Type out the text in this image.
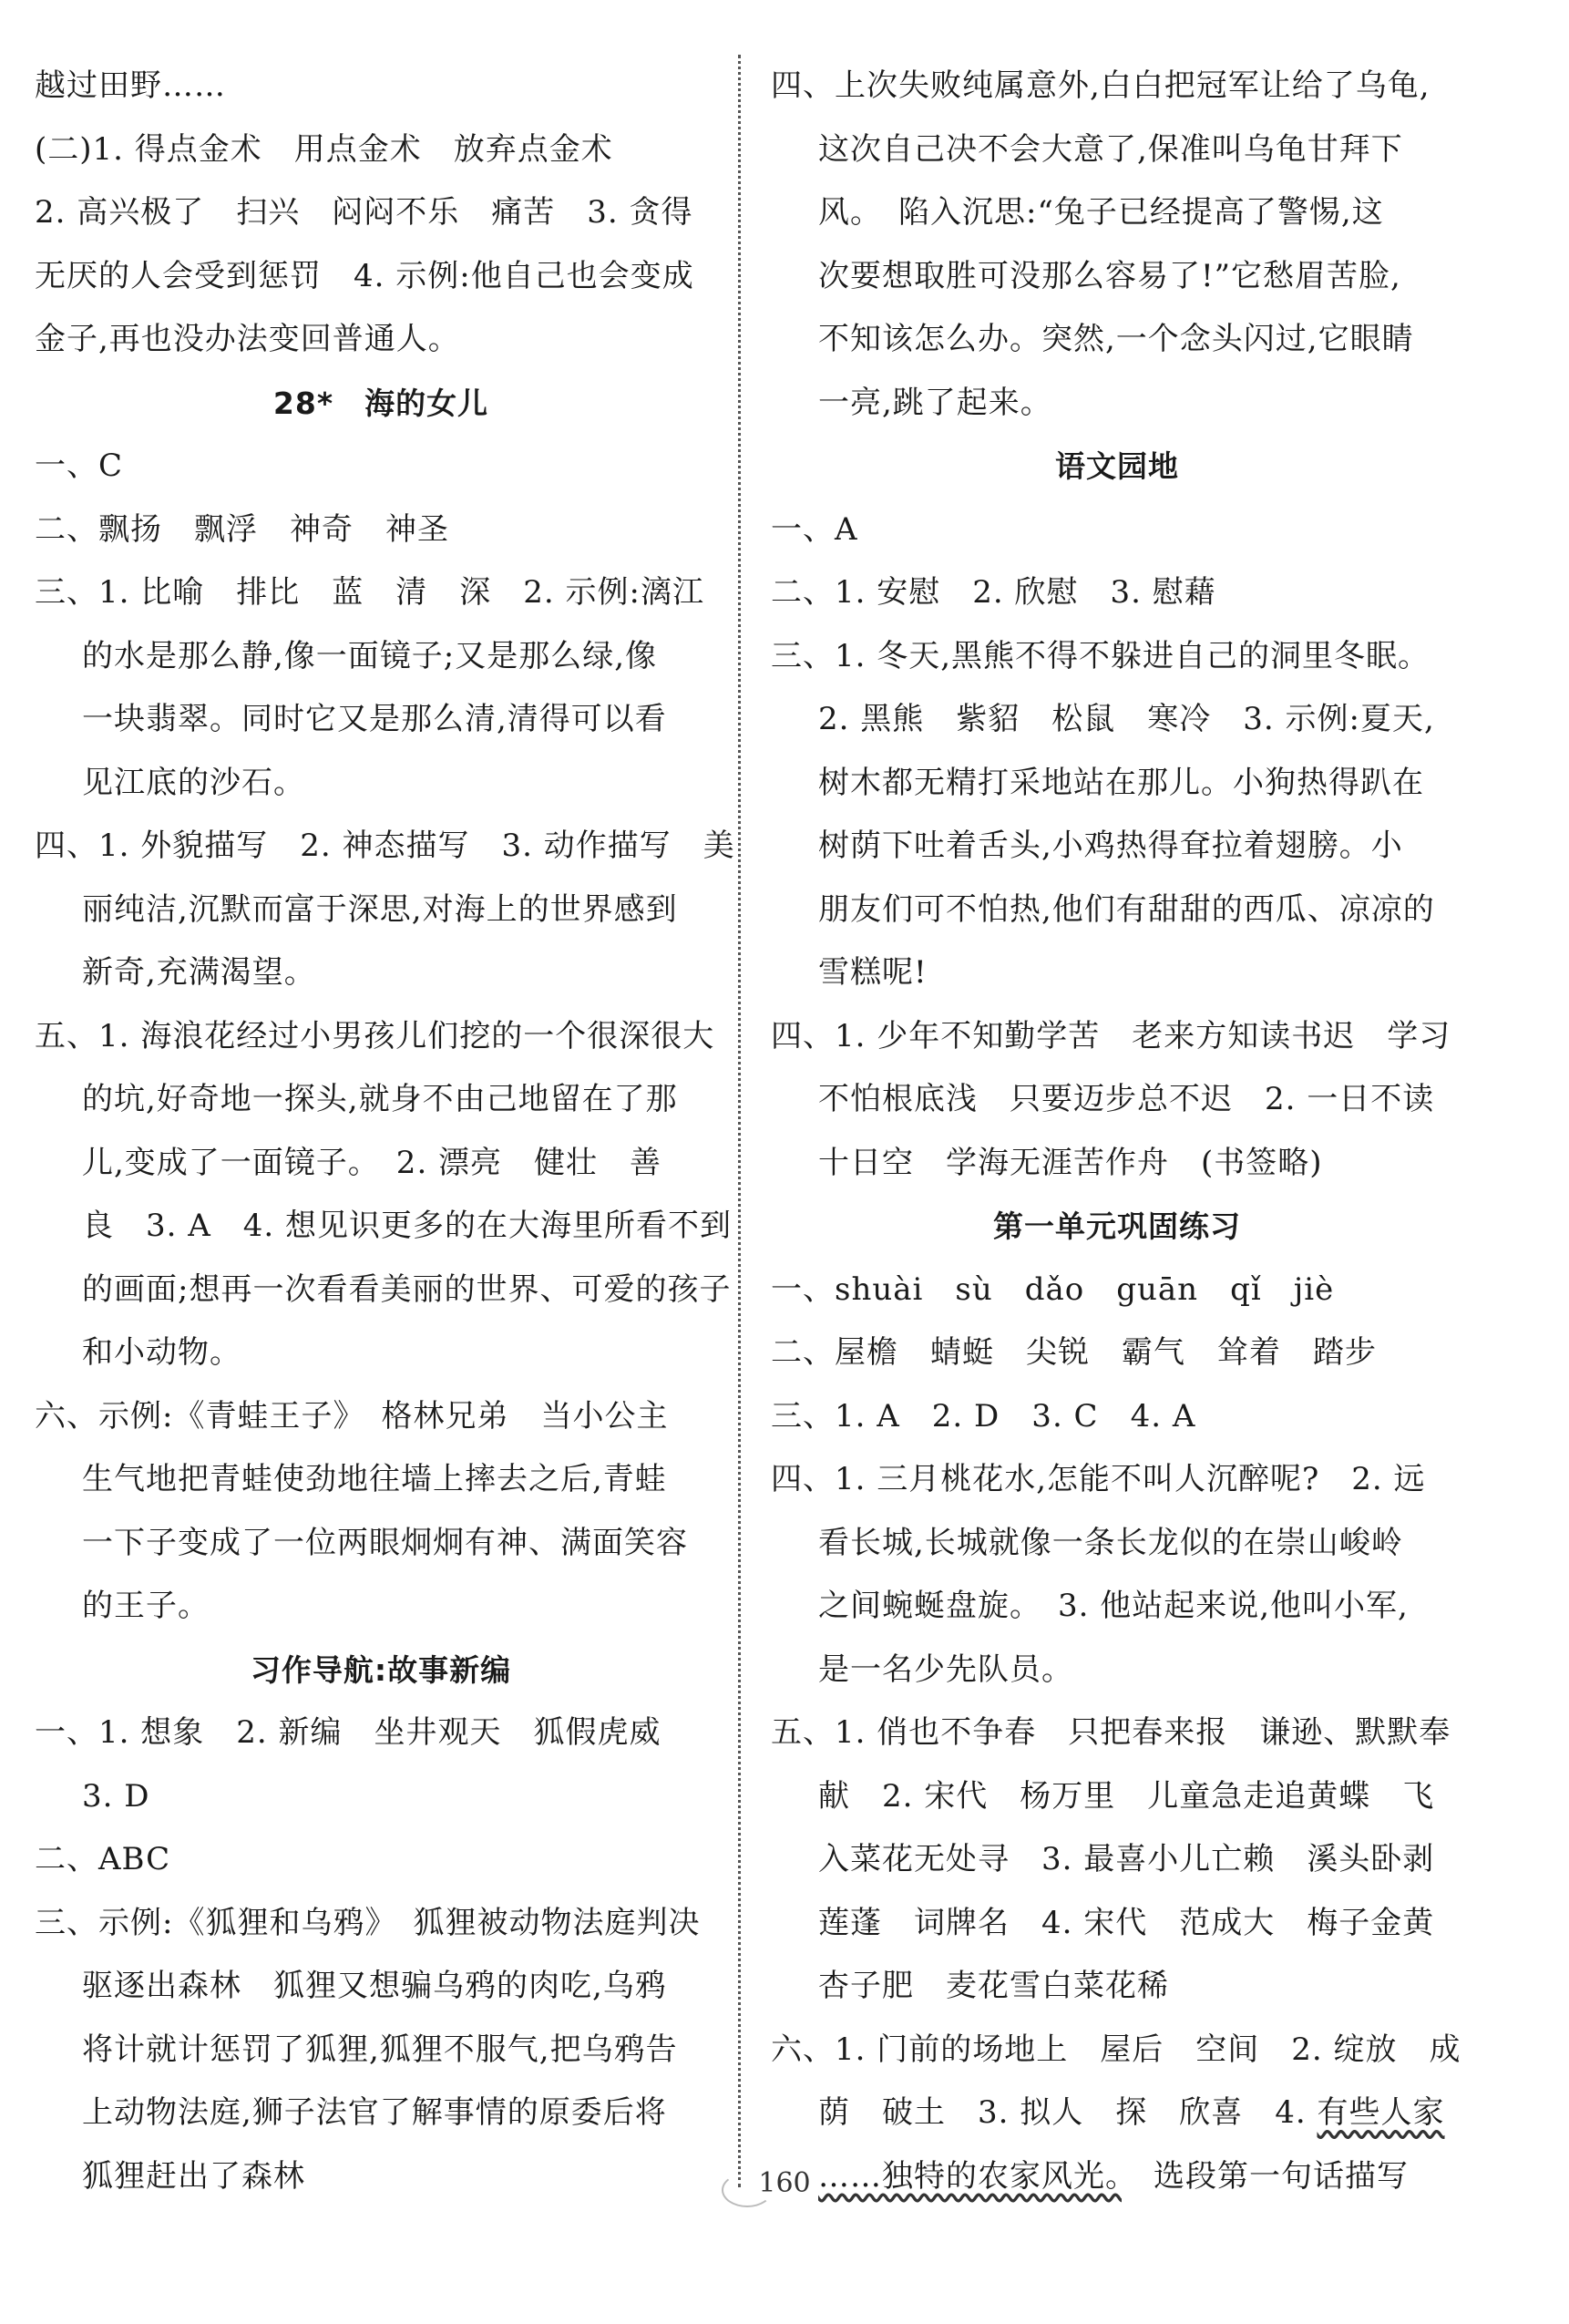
越过田野……
(二)1. 得点金术　用点金术　放弃点金术
2. 高兴极了　扫兴　闷闷不乐　痛苦　3. 贪得
无厌的人会受到惩罚　4. 示例:他自己也会变成
金子,再也没办法变回普通人。
28*　海的女儿
一、C
二、飘扬　飘浮　神奇　神圣
三、1. 比喻　排比　蓝　清　深　2. 示例:漓江
的水是那么静,像一面镜子;又是那么绿,像
一块翡翠。同时它又是那么清,清得可以看
见江底的沙石。
四、1. 外貌描写　2. 神态描写　3. 动作描写　美
丽纯洁,沉默而富于深思,对海上的世界感到
新奇,充满渴望。
五、1. 海浪花经过小男孩儿们挖的一个很深很大
的坑,好奇地一探头,就身不由己地留在了那
儿,变成了一面镜子。　2. 漂亮　健壮　善
良　3. A　4. 想见识更多的在大海里所看不到
的画面;想再一次看看美丽的世界、可爱的孩子
和小动物。
六、示例:《青蛙王子》　格林兄弟　当小公主
生气地把青蛙使劲地往墙上摔去之后,青蛙
一下子变成了一位两眼炯炯有神、满面笑容
的王子。
习作导航:故事新编
一、1. 想象　2. 新编　坐井观天　狐假虎威
3. D
二、ABC
三、示例:《狐狸和乌鸦》　狐狸被动物法庭判决
驱逐出森林　狐狸又想骗乌鸦的肉吃,乌鸦
将计就计惩罚了狐狸,狐狸不服气,把乌鸦告
上动物法庭,狮子法官了解事情的原委后将
狐狸赶出了森林
四、上次失败纯属意外,白白把冠军让给了乌龟,
这次自己决不会大意了,保准叫乌龟甘拜下
风。　陷入沉思:“兔子已经提高了警惕,这
次要想取胜可没那么容易了!”它愁眉苦脸,
不知该怎么办。突然,一个念头闪过,它眼睛
一亮,跳了起来。
语文园地
一、A
二、1. 安慰　2. 欣慰　3. 慰藉
三、1. 冬天,黑熊不得不躲进自己的洞里冬眠。
2. 黑熊　紫貂　松鼠　寒冷　3. 示例:夏天,
树木都无精打采地站在那儿。小狗热得趴在
树荫下吐着舌头,小鸡热得耷拉着翅膀。小
朋友们可不怕热,他们有甜甜的西瓜、凉凉的
雪糕呢!
四、1. 少年不知勤学苦　老来方知读书迟　学习
不怕根底浅　只要迈步总不迟　2. 一日不读
十日空　学海无涯苦作舟　(书签略)
第一单元巩固练习
一、shuài　sù　dǎo　guān　qǐ　jiè
二、屋檐　蜻蜓　尖锐　霸气　耸着　踏步
三、1. A　2. D　3. C　4. A
四、1. 三月桃花水,怎能不叫人沉醉呢?　2. 远
看长城,长城就像一条长龙似的在崇山峻岭
之间蜿蜒盘旋。　3. 他站起来说,他叫小军,
是一名少先队员。
五、1. 俏也不争春　只把春来报　谦逊、默默奉
献　2. 宋代　杨万里　儿童急走追黄蝶　飞
入菜花无处寻　3. 最喜小儿亡赖　溪头卧剥
莲蓬　词牌名　4. 宋代　范成大　梅子金黄
杏子肥　麦花雪白菜花稀
六、1. 门前的场地上　屋后　空间　2. 绽放　成
荫　破土　3. 拟人　探　欣喜　4. 有些人家
……独特的农家风光。　选段第一句话描写
160
